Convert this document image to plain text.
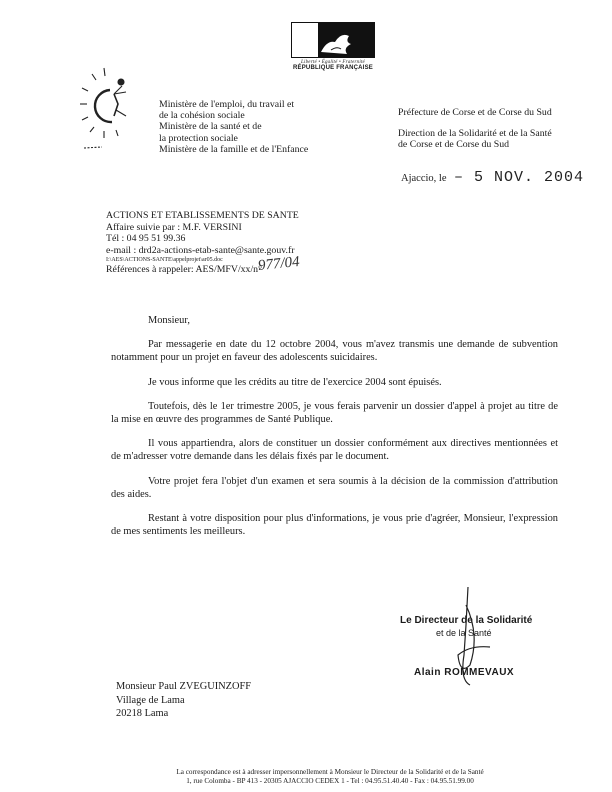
Liberté • Égalité • Fraternité
RÉPUBLIQUE FRANÇAISE
Ministère de l'emploi, du travail et
de la cohésion sociale
Ministère de la santé et de
la protection sociale
Ministère de la famille et de l'Enfance
Préfecture de Corse et de Corse du Sud
Direction de la Solidarité et de la Santé
de Corse et de Corse du Sud
Ajaccio, le – 5 NOV. 2004
ACTIONS ET ETABLISSEMENTS DE SANTE
Affaire suivie par : M.F. VERSINI
Tél : 04 95 51 99.36
e-mail : drd2a-actions-etab-sante@sante.gouv.fr
I:\AES\ACTIONS-SANTE\appelprojet\ar05.doc
Références à rappeler: AES/MFV/xx/n°
977/04

Monsieur,

Par messagerie en date du 12 octobre 2004, vous m'avez transmis une demande de subvention notamment pour un projet en faveur des adolescents suicidaires.

Je vous informe que les crédits au titre de l'exercice 2004 sont épuisés.

Toutefois, dès le 1er trimestre 2005, je vous ferais parvenir un dossier d'appel à projet au titre de la mise en œuvre des programmes de Santé Publique.

Il vous appartiendra, alors de constituer un dossier conformément aux directives mentionnées et de m'adresser votre demande dans les délais fixés par le document.

Votre projet fera l'objet d'un examen et sera soumis à la décision de la commission d'attribution des aides.

Restant à votre disposition pour plus d'informations, je vous prie d'agréer, Monsieur, l'expression de mes sentiments les meilleurs.

Le Directeur de la Solidarité
et de la Santé
Alain ROMMEVAUX
Monsieur Paul ZVEGUINZOFF
Village de Lama
20218 Lama
La correspondance est à adresser impersonnellement à Monsieur le Directeur de la Solidarité et de la Santé
1, rue Colomba - BP 413 - 20305 AJACCIO CEDEX 1 - Tel : 04.95.51.40.40 - Fax : 04.95.51.99.00
